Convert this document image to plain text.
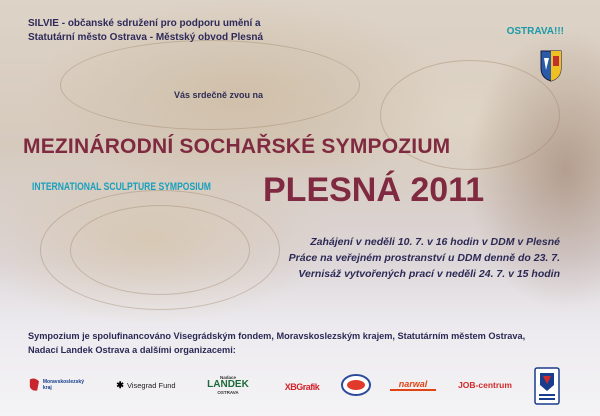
SILVIE - občanské sdružení pro podporu umění a
Statutární město Ostrava - Městský obvod Plesná
OSTRAVA!!!
Vás srdečně zvou na
MEZINÁRODNÍ SOCHAŘSKÉ SYMPOZIUM
INTERNATIONAL SCULPTURE SYMPOSIUM PLESNÁ 2011
Zahájení v neděli 10. 7. v 16 hodin v DDM v Plesné
Práce na veřejném prostranství u DDM denně do 23. 7.
Vernisáž vytvořených prací v neděli 24. 7. v 15 hodin
Sympozium je spolufinancováno Visegrádským fondem, Moravskoslezským krajem, Statutárním městem Ostrava,
Nadací Landek Ostrava a dalšími organizacemi:
Moravskoslezský kraj	✱ Visegrad Fund
Nadace
LANDEK
OSTRAVA
XBGrafik	narwal	JOB-centrum
